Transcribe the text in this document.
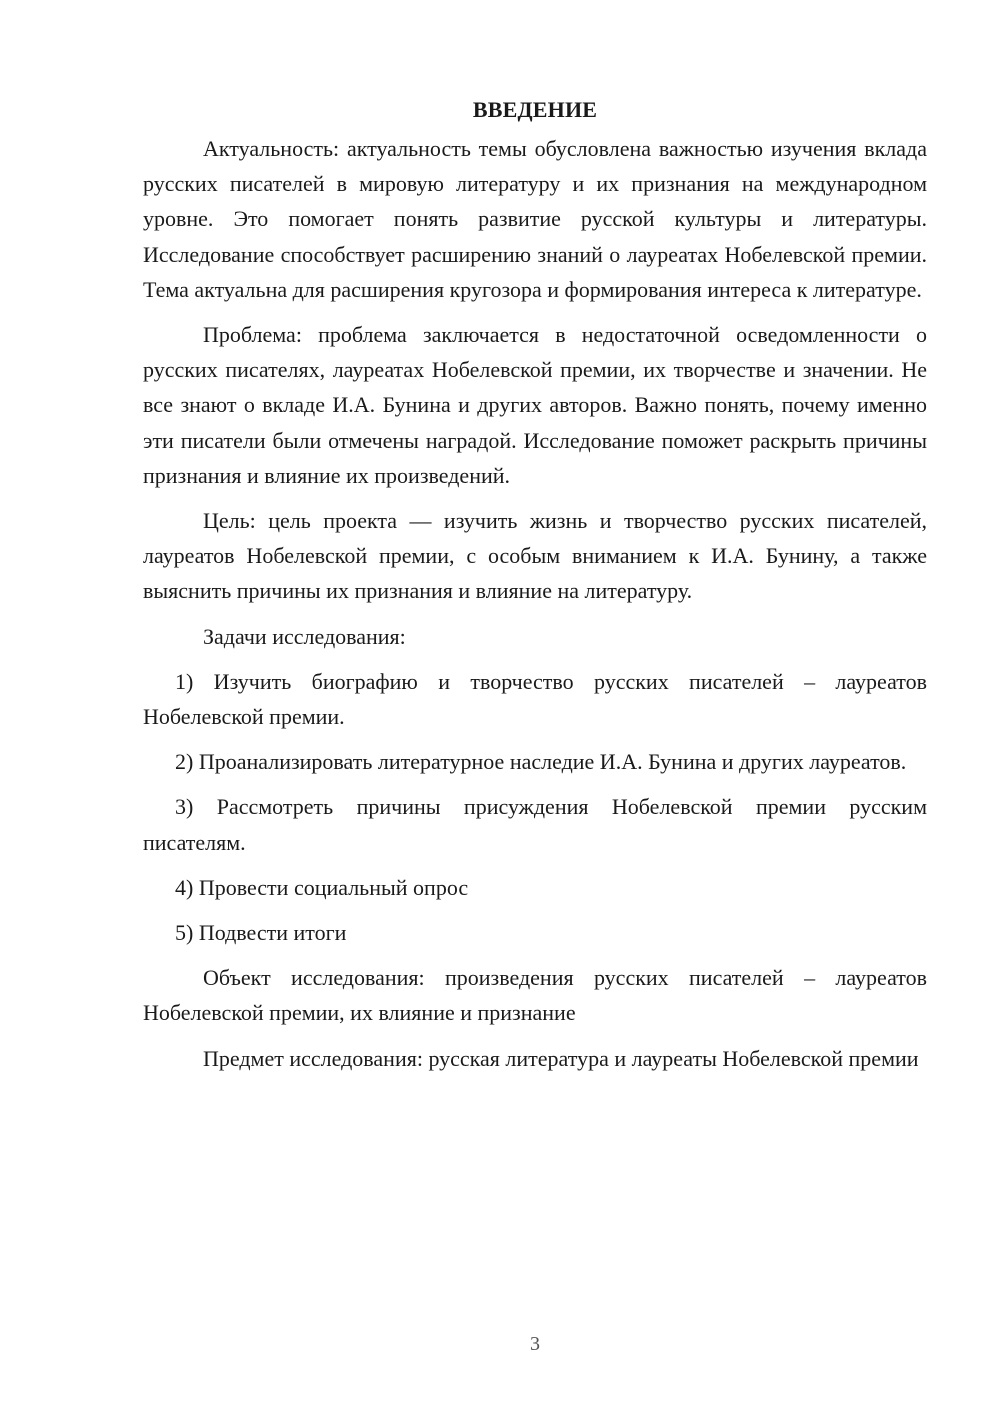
ВВЕДЕНИЕ

Актуальность: актуальность темы обусловлена важностью изучения вклада русских писателей в мировую литературу и их признания на международном уровне. Это помогает понять развитие русской культуры и литературы. Исследование способствует расширению знаний о лауреатах Нобелевской премии. Тема актуальна для расширения кругозора и формирования интереса к литературе.

Проблема: проблема заключается в недостаточной осведомленности о русских писателях, лауреатах Нобелевской премии, их творчестве и значении. Не все знают о вкладе И.А. Бунина и других авторов. Важно понять, почему именно эти писатели были отмечены наградой. Исследование поможет раскрыть причины признания и влияние их произведений.

Цель: цель проекта — изучить жизнь и творчество русских писателей, лауреатов Нобелевской премии, с особым вниманием к И.А. Бунину, а также выяснить причины их признания и влияние на литературу.

Задачи исследования:

1) Изучить биографию и творчество русских писателей – лауреатов Нобелевской премии.

2) Проанализировать литературное наследие И.А. Бунина и других лауреатов.

3) Рассмотреть причины присуждения Нобелевской премии русским писателям.

4) Провести социальный опрос

5) Подвести итоги

Объект исследования: произведения русских писателей – лауреатов Нобелевской премии, их влияние и признание

Предмет исследования: русская литература и лауреаты Нобелевской премии

3
